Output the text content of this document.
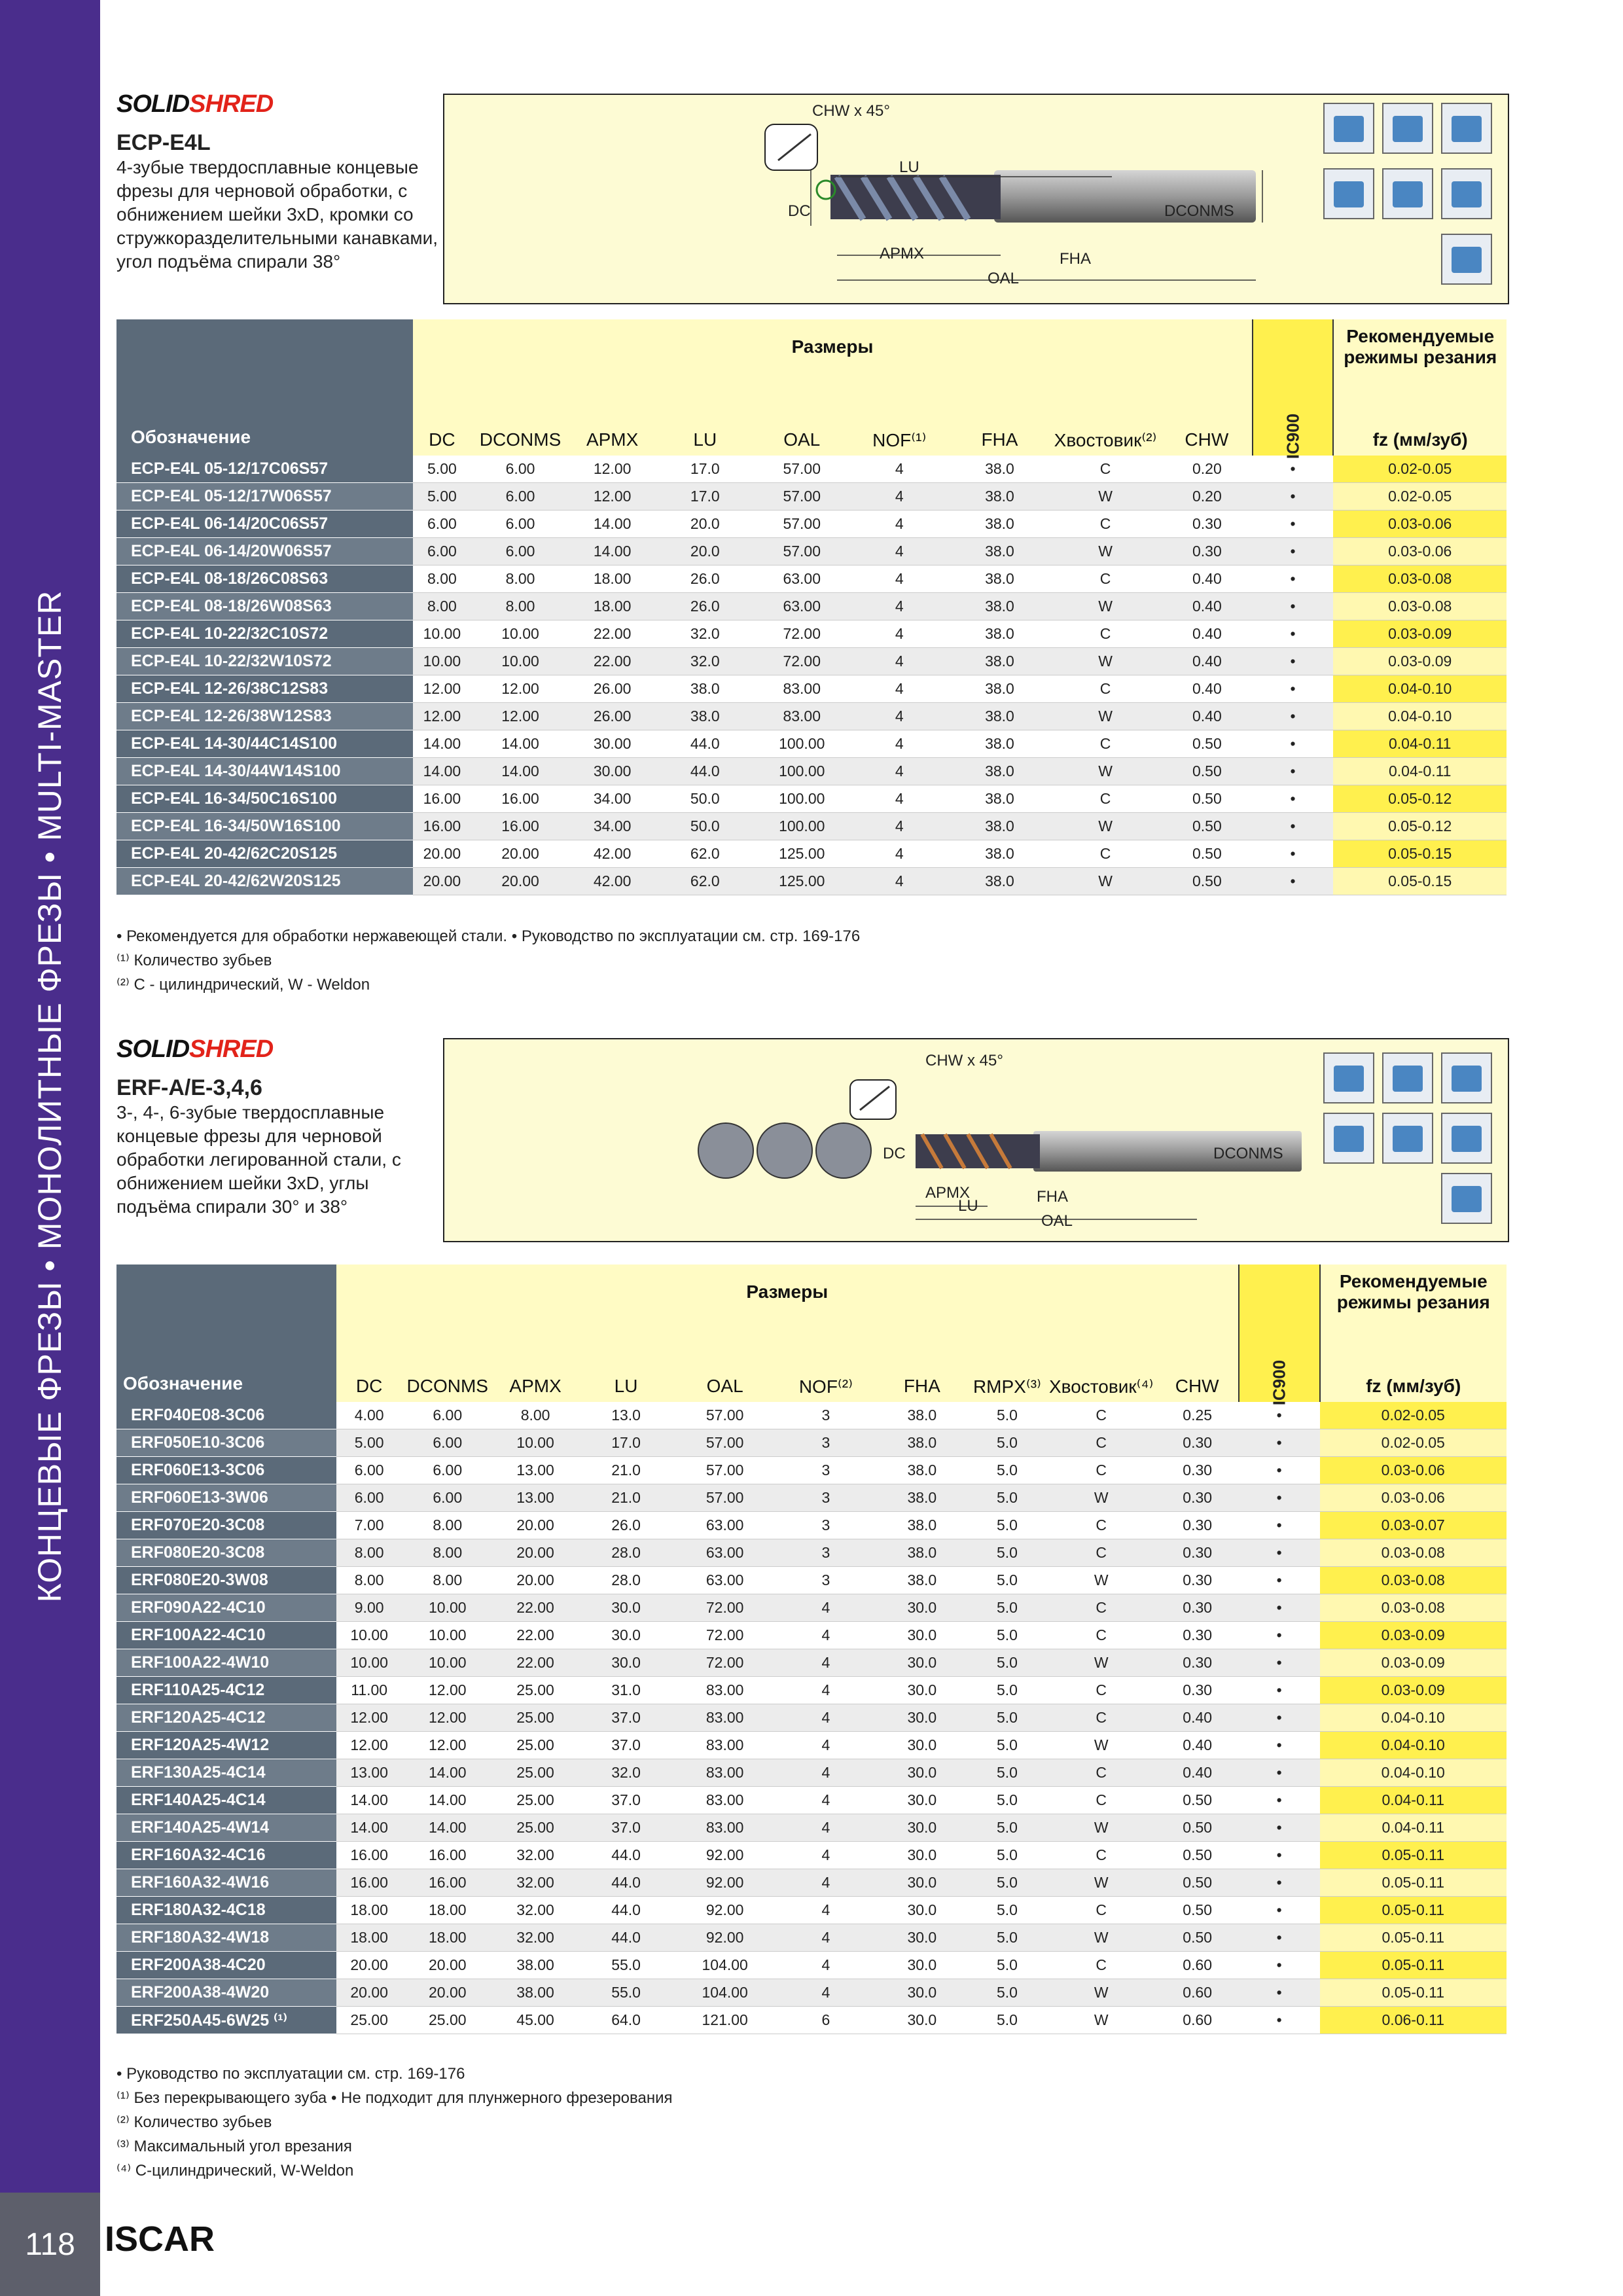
КОНЦЕВЫЕ ФРЕЗЫ • МОНОЛИТНЫЕ ФРЕЗЫ • MULTI-MASTER
118 ISCAR
SOLIDSHRED
ECP-E4L
4-зубые твердосплавные концевые фрезы для черновой обработки, с обнижением шейки 3xD, кромки со стружкоразделительными канавками, угол подъёма спирали 38°
CHW x 45°
LU
DC	DCONMS
APMX	FHA
OAL
Обозначение	Размеры									IC900	Рекомендуемые режимы резания
	DC	DCONMS	APMX	LU	OAL	NOF⁽¹⁾	FHA	Хвостовик⁽²⁾	CHW		fz (мм/зуб)
ECP-E4L 05-12/17C06S57	5.00	6.00	12.00	17.0	57.00	4	38.0	C	0.20	•	0.02-0.05
ECP-E4L 05-12/17W06S57	5.00	6.00	12.00	17.0	57.00	4	38.0	W	0.20	•	0.02-0.05
ECP-E4L 06-14/20C06S57	6.00	6.00	14.00	20.0	57.00	4	38.0	C	0.30	•	0.03-0.06
ECP-E4L 06-14/20W06S57	6.00	6.00	14.00	20.0	57.00	4	38.0	W	0.30	•	0.03-0.06
ECP-E4L 08-18/26C08S63	8.00	8.00	18.00	26.0	63.00	4	38.0	C	0.40	•	0.03-0.08
ECP-E4L 08-18/26W08S63	8.00	8.00	18.00	26.0	63.00	4	38.0	W	0.40	•	0.03-0.08
ECP-E4L 10-22/32C10S72	10.00	10.00	22.00	32.0	72.00	4	38.0	C	0.40	•	0.03-0.09
ECP-E4L 10-22/32W10S72	10.00	10.00	22.00	32.0	72.00	4	38.0	W	0.40	•	0.03-0.09
ECP-E4L 12-26/38C12S83	12.00	12.00	26.00	38.0	83.00	4	38.0	C	0.40	•	0.04-0.10
ECP-E4L 12-26/38W12S83	12.00	12.00	26.00	38.0	83.00	4	38.0	W	0.40	•	0.04-0.10
ECP-E4L 14-30/44C14S100	14.00	14.00	30.00	44.0	100.00	4	38.0	C	0.50	•	0.04-0.11
ECP-E4L 14-30/44W14S100	14.00	14.00	30.00	44.0	100.00	4	38.0	W	0.50	•	0.04-0.11
ECP-E4L 16-34/50C16S100	16.00	16.00	34.00	50.0	100.00	4	38.0	C	0.50	•	0.05-0.12
ECP-E4L 16-34/50W16S100	16.00	16.00	34.00	50.0	100.00	4	38.0	W	0.50	•	0.05-0.12
ECP-E4L 20-42/62C20S125	20.00	20.00	42.00	62.0	125.00	4	38.0	C	0.50	•	0.05-0.15
ECP-E4L 20-42/62W20S125	20.00	20.00	42.00	62.0	125.00	4	38.0	W	0.50	•	0.05-0.15
• Рекомендуется для обработки нержавеющей стали. • Руководство по эксплуатации см. стр. 169-176
⁽¹⁾ Количество зубьев
⁽²⁾ C - цилиндрический, W - Weldon
SOLIDSHRED
ERF-A/E-3,4,6
3-, 4-, 6-зубые твердосплавные концевые фрезы для черновой обработки легированной стали, с обнижением шейки 3xD, углы подъёма спирали 30° и 38°
CHW x 45°
DC	DCONMS
APMX	FHA
LU
OAL
Обозначение	Размеры										IC900	Рекомендуемые режимы резания
	DC	DCONMS	APMX	LU	OAL	NOF⁽²⁾	FHA	RMPX⁽³⁾	Хвостовик⁽⁴⁾	CHW		fz (мм/зуб)
ERF040E08-3C06	4.00	6.00	8.00	13.0	57.00	3	38.0	5.0	C	0.25	•	0.02-0.05
ERF050E10-3C06	5.00	6.00	10.00	17.0	57.00	3	38.0	5.0	C	0.30	•	0.02-0.05
ERF060E13-3C06	6.00	6.00	13.00	21.0	57.00	3	38.0	5.0	C	0.30	•	0.03-0.06
ERF060E13-3W06	6.00	6.00	13.00	21.0	57.00	3	38.0	5.0	W	0.30	•	0.03-0.06
ERF070E20-3C08	7.00	8.00	20.00	26.0	63.00	3	38.0	5.0	C	0.30	•	0.03-0.07
ERF080E20-3C08	8.00	8.00	20.00	28.0	63.00	3	38.0	5.0	C	0.30	•	0.03-0.08
ERF080E20-3W08	8.00	8.00	20.00	28.0	63.00	3	38.0	5.0	W	0.30	•	0.03-0.08
ERF090A22-4C10	9.00	10.00	22.00	30.0	72.00	4	30.0	5.0	C	0.30	•	0.03-0.08
ERF100A22-4C10	10.00	10.00	22.00	30.0	72.00	4	30.0	5.0	C	0.30	•	0.03-0.09
ERF100A22-4W10	10.00	10.00	22.00	30.0	72.00	4	30.0	5.0	W	0.30	•	0.03-0.09
ERF110A25-4C12	11.00	12.00	25.00	31.0	83.00	4	30.0	5.0	C	0.30	•	0.03-0.09
ERF120A25-4C12	12.00	12.00	25.00	37.0	83.00	4	30.0	5.0	C	0.40	•	0.04-0.10
ERF120A25-4W12	12.00	12.00	25.00	37.0	83.00	4	30.0	5.0	W	0.40	•	0.04-0.10
ERF130A25-4C14	13.00	14.00	25.00	32.0	83.00	4	30.0	5.0	C	0.40	•	0.04-0.10
ERF140A25-4C14	14.00	14.00	25.00	37.0	83.00	4	30.0	5.0	C	0.50	•	0.04-0.11
ERF140A25-4W14	14.00	14.00	25.00	37.0	83.00	4	30.0	5.0	W	0.50	•	0.04-0.11
ERF160A32-4C16	16.00	16.00	32.00	44.0	92.00	4	30.0	5.0	C	0.50	•	0.05-0.11
ERF160A32-4W16	16.00	16.00	32.00	44.0	92.00	4	30.0	5.0	W	0.50	•	0.05-0.11
ERF180A32-4C18	18.00	18.00	32.00	44.0	92.00	4	30.0	5.0	C	0.50	•	0.05-0.11
ERF180A32-4W18	18.00	18.00	32.00	44.0	92.00	4	30.0	5.0	W	0.50	•	0.05-0.11
ERF200A38-4C20	20.00	20.00	38.00	55.0	104.00	4	30.0	5.0	C	0.60	•	0.05-0.11
ERF200A38-4W20	20.00	20.00	38.00	55.0	104.00	4	30.0	5.0	W	0.60	•	0.05-0.11
ERF250A45-6W25 ⁽¹⁾	25.00	25.00	45.00	64.0	121.00	6	30.0	5.0	W	0.60	•	0.06-0.11
• Руководство по эксплуатации см. стр. 169-176
⁽¹⁾ Без перекрывающего зуба • Не подходит для плунжерного фрезерования
⁽²⁾ Количество зубьев
⁽³⁾ Максимальный угол врезания
⁽⁴⁾ С-цилиндрический, W-Weldon
